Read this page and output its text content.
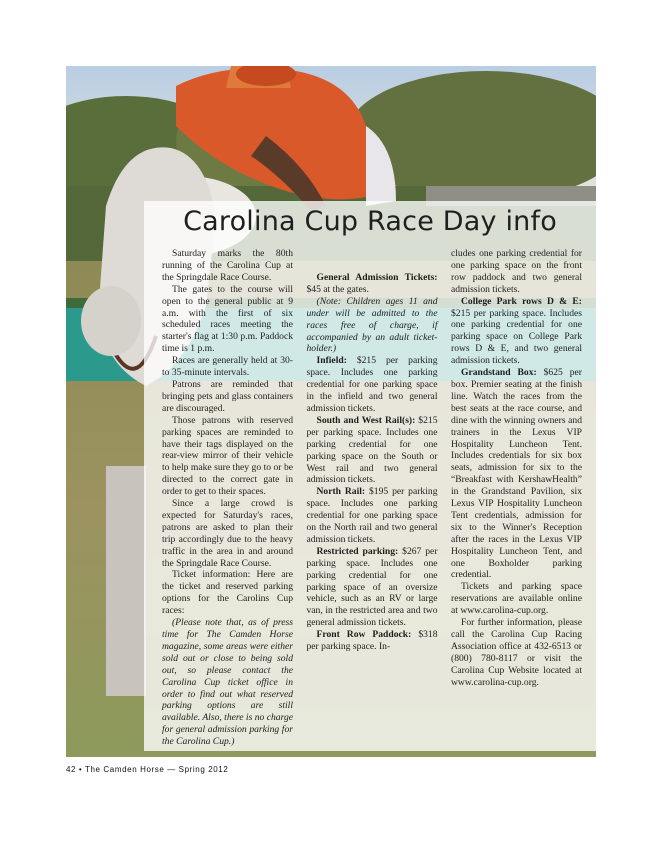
Carolina Cup Race Day info

Saturday marks the 80th running of the Carolina Cup at the Springdale Race Course.

The gates to the course will open to the general public at 9 a.m. with the first of six scheduled races meeting the starter's flag at 1:30 p.m. Paddock time is 1 p.m.

Races are generally held at 30- to 35-minute intervals.

Patrons are reminded that bringing pets and glass containers are discouraged.

Those patrons with reserved parking spaces are reminded to have their tags displayed on the rear-view mirror of their vehicle to help make sure they go to or be directed to the correct gate in order to get to their spaces.

Since a large crowd is expected for Saturday's races, patrons are asked to plan their trip accordingly due to the heavy traffic in the area in and around the Springdale Race Course.

Ticket information: Here are the ticket and reserved parking options for the Carolins Cup races:

(Please note that, as of press time for The Camden Horse magazine, some areas were either sold out or close to being sold out, so please contact the Carolina Cup ticket office in order to find out what reserved parking options are still available. Also, there is no charge for general admission parking for the Carolina Cup.)

General Admission Tickets: $45 at the gates.

(Note: Children ages 11 and under will be admitted to the races free of charge, if accompanied by an adult ticket-holder.)

Infield: $215 per parking space. Includes one parking credential for one parking space in the infield and two general admission tickets.

South and West Rail(s): $215 per parking space. Includes one parking credential for one parking space on the South or West rail and two general admission tickets.

North Rail: $195 per parking space. Includes one parking credential for one parking space on the North rail and two general admission tickets.

Restricted parking: $267 per parking space. Includes one parking credential for one parking space of an oversize vehicle, such as an RV or large van, in the restricted area and two general admission tickets.

Front Row Paddock: $318 per parking space. In-

cludes one parking credential for one parking space on the front row paddock and two general admission tickets.

College Park rows D & E: $215 per parking space. Includes one parking credential for one parking space on College Park rows D & E, and two general admission tickets.

Grandstand Box: $625 per box. Premier seating at the finish line. Watch the races from the best seats at the race course, and dine with the winning owners and trainers in the Lexus VIP Hospitality Luncheon Tent. Includes credentials for six box seats, admission for six to the “Breakfast with KershawHealth” in the Grandstand Pavilion, six Lexus VIP Hospitality Luncheon Tent credentials, admission for six to the Winner's Reception after the races in the Lexus VIP Hospitality Luncheon Tent, and one Boxholder parking credential.

Tickets and parking space reservations are available online at www.carolina-cup.org.

For further information, please call the Carolina Cup Racing Association office at 432-6513 or (800) 780-8117 or visit the Carolina Cup Website located at www.carolina-cup.org.

42 • The Camden Horse — Spring 2012
